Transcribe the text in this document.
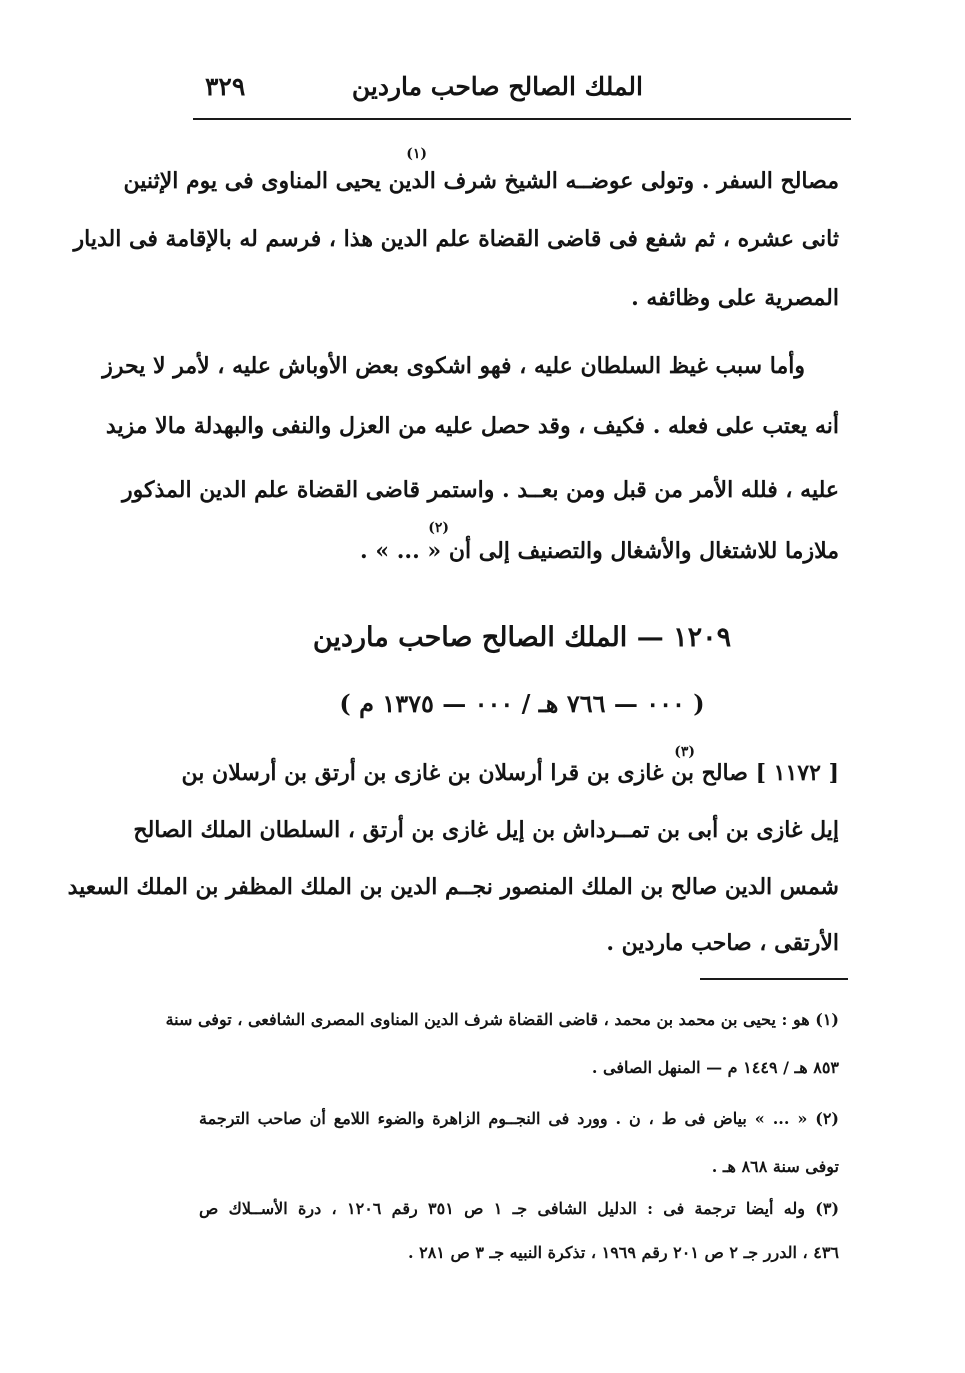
الملك الصالح صاحب ماردين
٣٢٩
(١)
مصالح السفر . وتولى عوضــه الشيخ شرف الدين يحيى المناوى فى يوم الإثنين
ثانى عشره ، ثم شفع فى قاضى القضاة علم الدين هذا ، فرسم له بالإقامة فى الديار
المصرية على وظائفه .
وأما سبب غيظ السلطان عليه ، فهو اشكوى بعض الأوباش عليه ، لأمر لا يحرز
أنه يعتب على فعله . فكيف ، وقد حصل عليه من العزل والنفى والبهدلة مالا مزيد
عليه ، فلله الأمر من قبل ومن بعــد . واستمر قاضى القضاة علم الدين المذكور
(٢)
ملازما للاشتغال والأشغال والتصنيف إلى أن « ... » .
١٢٠٩ — الملك الصالح صاحب ماردين
( ٠٠٠ — ٧٦٦ هـ / ٠٠٠ — ١٣٧٥ م )
(٣)
[ ١١٧٢ ] صالح بن غازى بن قرا أرسلان بن غازى بن أرتق بن أرسلان بن
إيل غازى بن أبى بن تمــرداش بن إيل غازى بن أرتق ، السلطان الملك الصالح
شمس الدين صالح بن الملك المنصور نجــم الدين بن الملك المظفر بن الملك السعيد
الأرتقى ، صاحب ماردين .
(١) هو : يحيى بن محمد بن محمد ، قاضى القضاة شرف الدين المناوى المصرى الشافعى ، توفى سنة
٨٥٣ هـ / ١٤٤٩ م — المنهل الصافى .
(٢) « ... » بياض فى ط ، ن . وورد فى النجــوم الزاهرة والضوء اللامع أن صاحب الترجمة
توفى سنة ٨٦٨ هـ .
(٣) وله أيضا ترجمة فى : الدليل الشافى جـ ١ ص ٣٥١ رقم ١٢٠٦ ، درة الأســلاك ص
٤٣٦ ، الدرر جـ ٢ ص ٢٠١ رقم ١٩٦٩ ، تذكرة النبيه جـ ٣ ص ٢٨١ .
